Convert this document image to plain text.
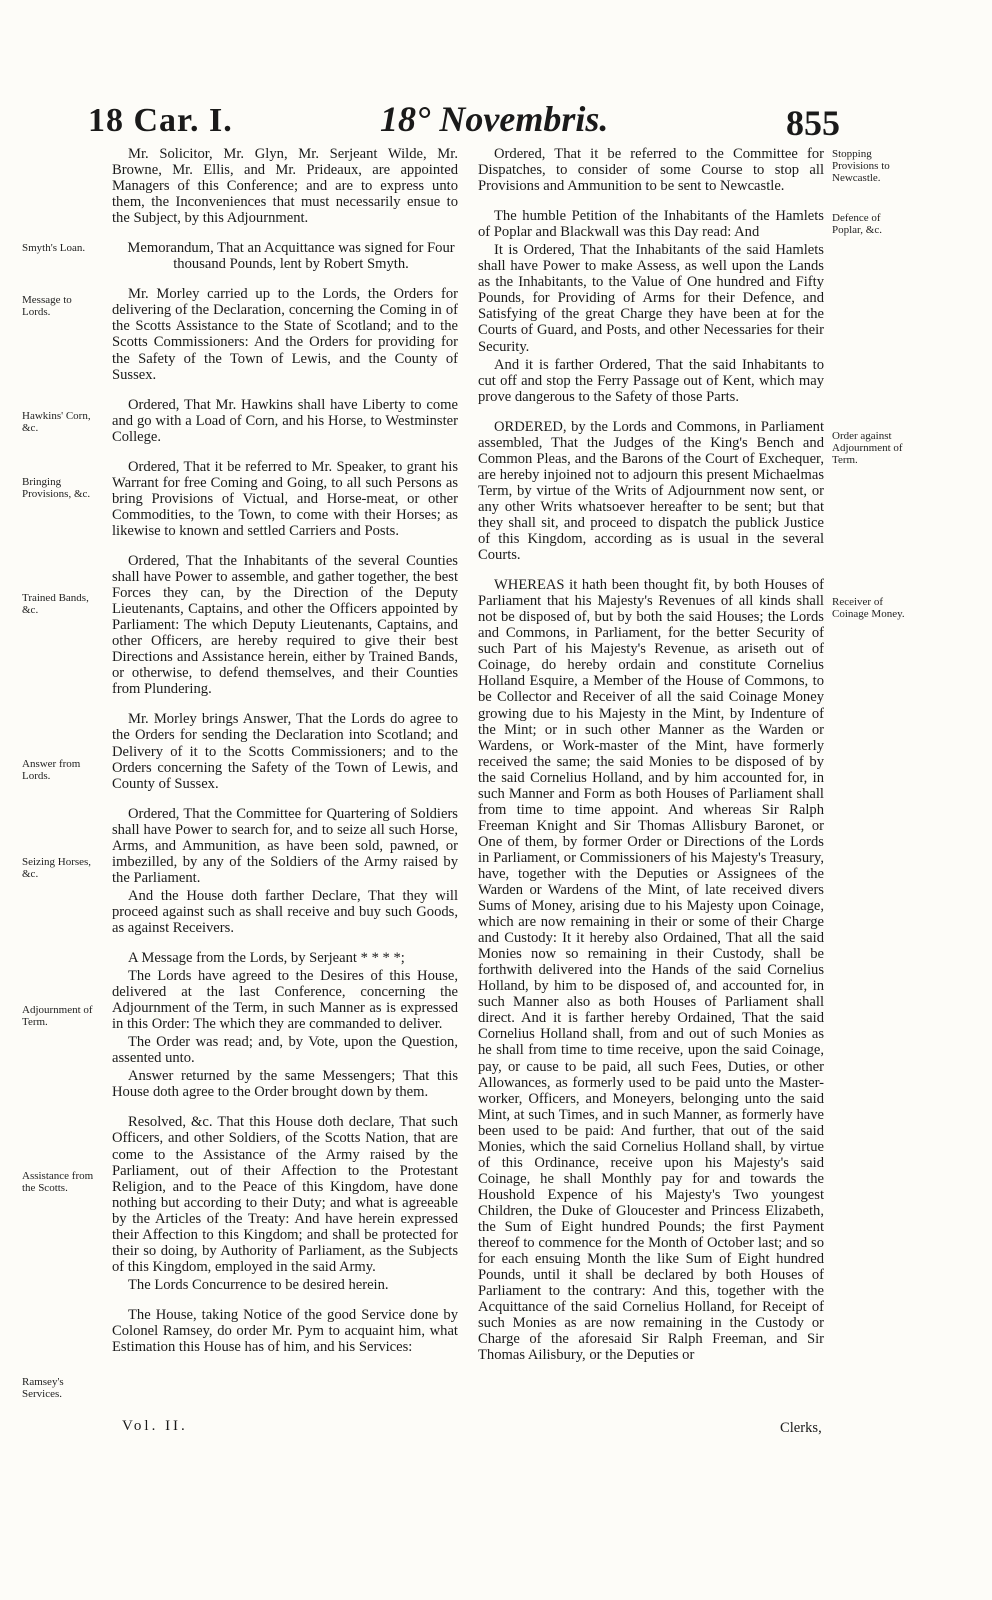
18 Car. I.	18° Novembris.	855

Mr. Solicitor, Mr. Glyn, Mr. Serjeant Wilde, Mr. Browne, Mr. Ellis, and Mr. Prideaux, are appointed Managers of this Conference; and are to express unto them, the Inconveniences that must necessarily ensue to the Subject, by this Adjournment.

Memorandum, That an Acquittance was signed for Four thousand Pounds, lent by Robert Smyth.

Mr. Morley carried up to the Lords, the Orders for delivering of the Declaration, concerning the Coming in of the Scotts Assistance to the State of Scotland; and to the Scotts Commissioners: And the Orders for providing for the Safety of the Town of Lewis, and the County of Sussex.

Ordered, That Mr. Hawkins shall have Liberty to come and go with a Load of Corn, and his Horse, to Westminster College.

Ordered, That it be referred to Mr. Speaker, to grant his Warrant for free Coming and Going, to all such Persons as bring Provisions of Victual, and Horse-meat, or other Commodities, to the Town, to come with their Horses; as likewise to known and settled Carriers and Posts.

Ordered, That the Inhabitants of the several Counties shall have Power to assemble, and gather together, the best Forces they can, by the Direction of the Deputy Lieutenants, Captains, and other the Officers appointed by Parliament: The which Deputy Lieutenants, Captains, and other Officers, are hereby required to give their best Directions and Assistance herein, either by Trained Bands, or otherwise, to defend themselves, and their Counties from Plundering.

Mr. Morley brings Answer, That the Lords do agree to the Orders for sending the Declaration into Scotland; and Delivery of it to the Scotts Commissioners; and to the Orders concerning the Safety of the Town of Lewis, and County of Sussex.

Ordered, That the Committee for Quartering of Soldiers shall have Power to search for, and to seize all such Horse, Arms, and Ammunition, as have been sold, pawned, or imbezilled, by any of the Soldiers of the Army raised by the Parliament.

And the House doth farther Declare, That they will proceed against such as shall receive and buy such Goods, as against Receivers.

A Message from the Lords, by Serjeant * * * *;

The Lords have agreed to the Desires of this House, delivered at the last Conference, concerning the Adjournment of the Term, in such Manner as is expressed in this Order: The which they are commanded to deliver.

The Order was read; and, by Vote, upon the Question, assented unto.

Answer returned by the same Messengers; That this House doth agree to the Order brought down by them.

Resolved, &c. That this House doth declare, That such Officers, and other Soldiers, of the Scotts Nation, that are come to the Assistance of the Army raised by the Parliament, out of their Affection to the Protestant Religion, and to the Peace of this Kingdom, have done nothing but according to their Duty; and what is agreeable by the Articles of the Treaty: And have herein expressed their Affection to this Kingdom; and shall be protected for their so doing, by Authority of Parliament, as the Subjects of this Kingdom, employed in the said Army.

The Lords Concurrence to be desired herein.

The House, taking Notice of the good Service done by Colonel Ramsey, do order Mr. Pym to acquaint him, what Estimation this House has of him, and his Services:

Vol. II.

Ordered, That it be referred to the Committee for Dispatches, to consider of some Course to stop all Provisions and Ammunition to be sent to Newcastle.

The humble Petition of the Inhabitants of the Hamlets of Poplar and Blackwall was this Day read: And

It is Ordered, That the Inhabitants of the said Hamlets shall have Power to make Assess, as well upon the Lands as the Inhabitants, to the Value of One hundred and Fifty Pounds, for Providing of Arms for their Defence, and Satisfying of the great Charge they have been at for the Courts of Guard, and Posts, and other Necessaries for their Security.

And it is farther Ordered, That the said Inhabitants to cut off and stop the Ferry Passage out of Kent, which may prove dangerous to the Safety of those Parts.

ORDERED, by the Lords and Commons, in Parliament assembled, That the Judges of the King's Bench and Common Pleas, and the Barons of the Court of Exchequer, are hereby injoined not to adjourn this present Michaelmas Term, by virtue of the Writs of Adjournment now sent, or any other Writs whatsoever hereafter to be sent; but that they shall sit, and proceed to dispatch the publick Justice of this Kingdom, according as is usual in the several Courts.

WHEREAS it hath been thought fit, by both Houses of Parliament that his Majesty's Revenues of all kinds shall not be disposed of, but by both the said Houses; the Lords and Commons, in Parliament, for the better Security of such Part of his Majesty's Revenue, as ariseth out of Coinage, do hereby ordain and constitute Cornelius Holland Esquire, a Member of the House of Commons, to be Collector and Receiver of all the said Coinage Money growing due to his Majesty in the Mint, by Indenture of the Mint; or in such other Manner as the Warden or Wardens, or Work-master of the Mint, have formerly received the same; the said Monies to be disposed of by the said Cornelius Holland, and by him accounted for, in such Manner and Form as both Houses of Parliament shall from time to time appoint. And whereas Sir Ralph Freeman Knight and Sir Thomas Allisbury Baronet, or One of them, by former Order or Directions of the Lords in Parliament, or Commissioners of his Majesty's Treasury, have, together with the Deputies or Assignees of the Warden or Wardens of the Mint, of late received divers Sums of Money, arising due to his Majesty upon Coinage, which are now remaining in their or some of their Charge and Custody: It it hereby also Ordained, That all the said Monies now so remaining in their Custody, shall be forthwith delivered into the Hands of the said Cornelius Holland, by him to be disposed of, and accounted for, in such Manner also as both Houses of Parliament shall direct. And it is farther hereby Ordained, That the said Cornelius Holland shall, from and out of such Monies as he shall from time to time receive, upon the said Coinage, pay, or cause to be paid, all such Fees, Duties, or other Allowances, as formerly used to be paid unto the Master-worker, Officers, and Moneyers, belonging unto the said Mint, at such Times, and in such Manner, as formerly have been used to be paid: And further, that out of the said Monies, which the said Cornelius Holland shall, by virtue of this Ordinance, receive upon his Majesty's said Coinage, he shall Monthly pay for and towards the Houshold Expence of his Majesty's Two youngest Children, the Duke of Gloucester and Princess Elizabeth, the Sum of Eight hundred Pounds; the first Payment thereof to commence for the Month of October last; and so for each ensuing Month the like Sum of Eight hundred Pounds, until it shall be declared by both Houses of Parliament to the contrary: And this, together with the Acquittance of the said Cornelius Holland, for Receipt of such Monies as are now remaining in the Custody or Charge of the aforesaid Sir Ralph Freeman, and Sir Thomas Ailisbury, or the Deputies or

Clerks,
Smyth's Loan.
Message to Lords.
Hawkins' Corn, &c.
Bringing Provisions, &c.
Trained Bands, &c.
Answer from Lords.
Seizing Horses, &c.
Adjournment of Term.
Assistance from the Scotts.
Ramsey's Services.
Stopping Provisions to Newcastle.
Defence of Poplar, &c.
Order against Adjournment of Term.
Receiver of Coinage Money.
